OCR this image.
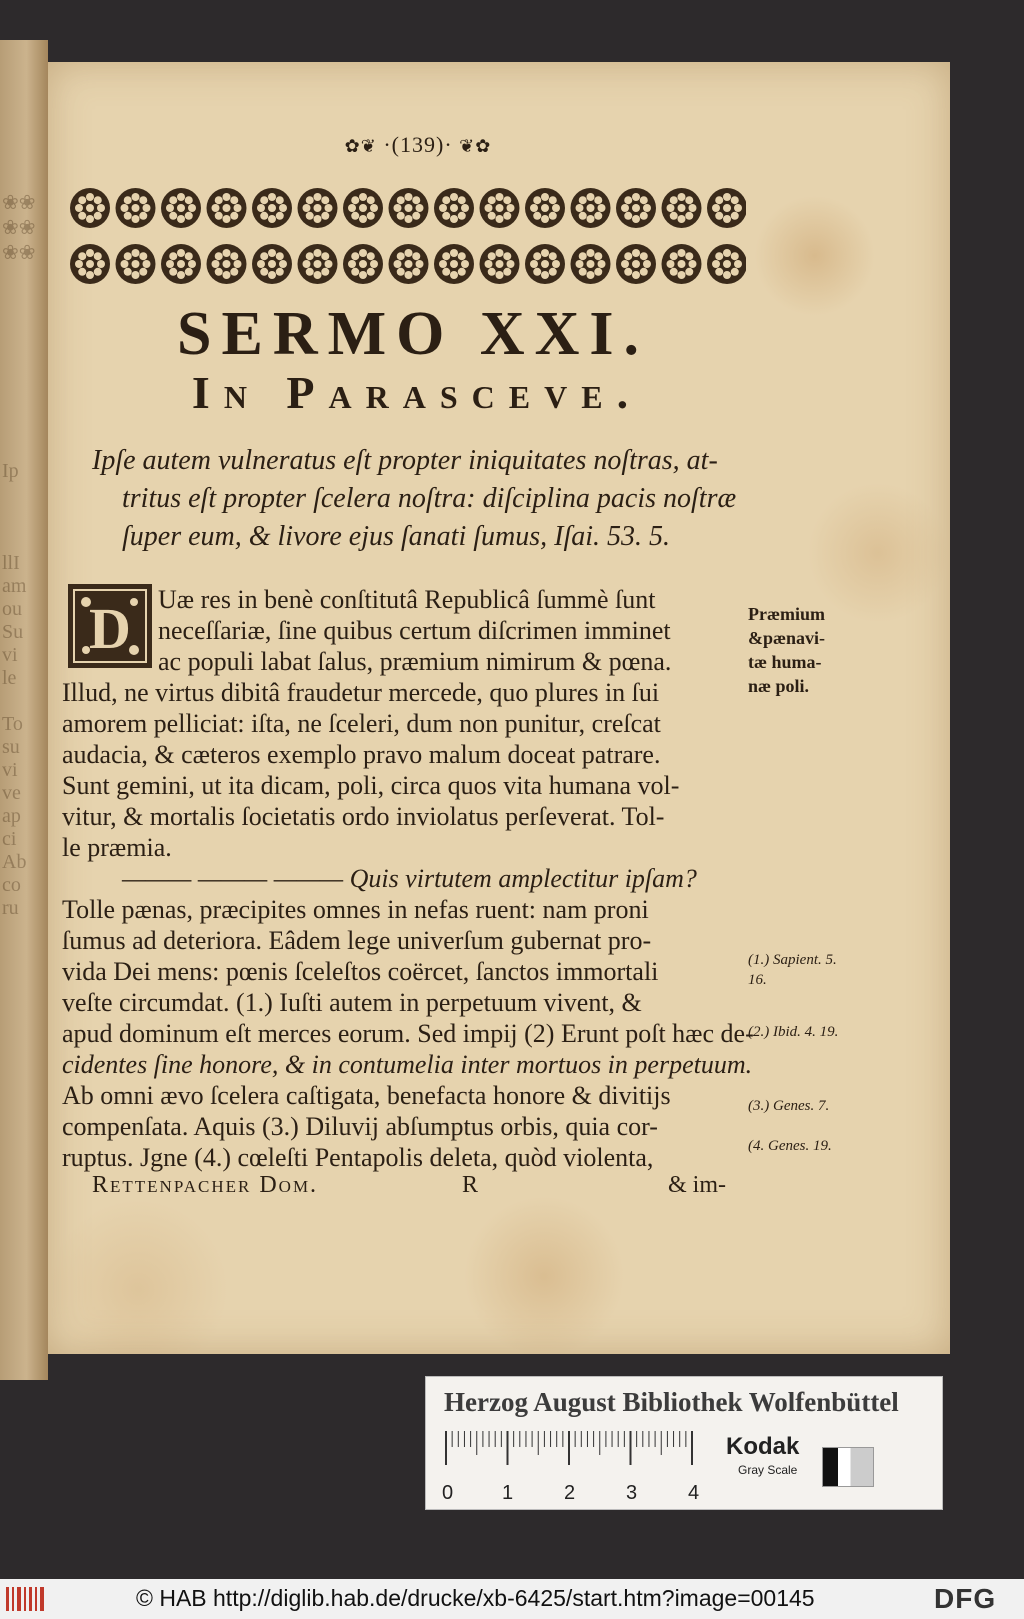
❀❀
❀❀
❀❀
Ip

llI
am
ou
Su
vi
le

To
su
vi
ve
ap
ci
Ab
co
ru
✿❦ ·(139)· ❦✿
SERMO XXI.
In Parasceve.
Ipſe autem vulneratus eſt propter iniquitates noſtras, at-
tritus eſt propter ſcelera noſtra: diſciplina pacis noſtræ
ſuper eum, & livore ejus ſanati ſumus, Iſai. 53. 5.
D	Uæ res in benè conſtitutâ Republicâ ſummè ſunt
neceſſariæ, ſine quibus certum diſcrimen imminet
ac populi labat ſalus, præmium nimirum & pœna.
Illud, ne virtus dibitâ fraudetur mercede, quo plures in ſui
amorem pelliciat: iſta, ne ſceleri, dum non punitur, creſcat
audacia, & cæteros exemplo pravo malum doceat patrare.
Sunt gemini, ut ita dicam, poli, circa quos vita humana vol-
vitur, & mortalis ſocietatis ordo inviolatus perſeverat. Tol-
le præmia.
——— ——— ——— Quis virtutem amplectitur ipſam?
Tolle pænas, præcipites omnes in nefas ruent: nam proni
ſumus ad deteriora. Eâdem lege univerſum gubernat pro-
vida Dei mens: pœnis ſceleſtos coërcet, ſanctos immortali
veſte circumdat. (1.) Iuſti autem in perpetuum vivent, &
apud dominum eſt merces eorum. Sed impij (2) Erunt poſt hæc de-
cidentes ſine honore, & in contumelia inter mortuos in perpetuum.
Ab omni ævo ſcelera caſtigata, benefacta honore & divitijs
compenſata. Aquis (3.) Diluvij abſumptus orbis, quia cor-
ruptus. Jgne (4.) cœleſti Pentapolis deleta, quòd violenta,
Præmium
&pænavi-
tæ huma-
næ poli.
(1.) Sapient. 5. 16.
(2.) Ibid. 4. 19.
(3.) Genes. 7.
(4. Genes. 19.
Rettenpacher Dom.	R	& im-
Herzog August Bibliothek Wolfenbüttel
0 1	2	3	4
Kodak
Gray Scale
© HAB http://diglib.hab.de/drucke/xb-6425/start.htm?image=00145	DFG
